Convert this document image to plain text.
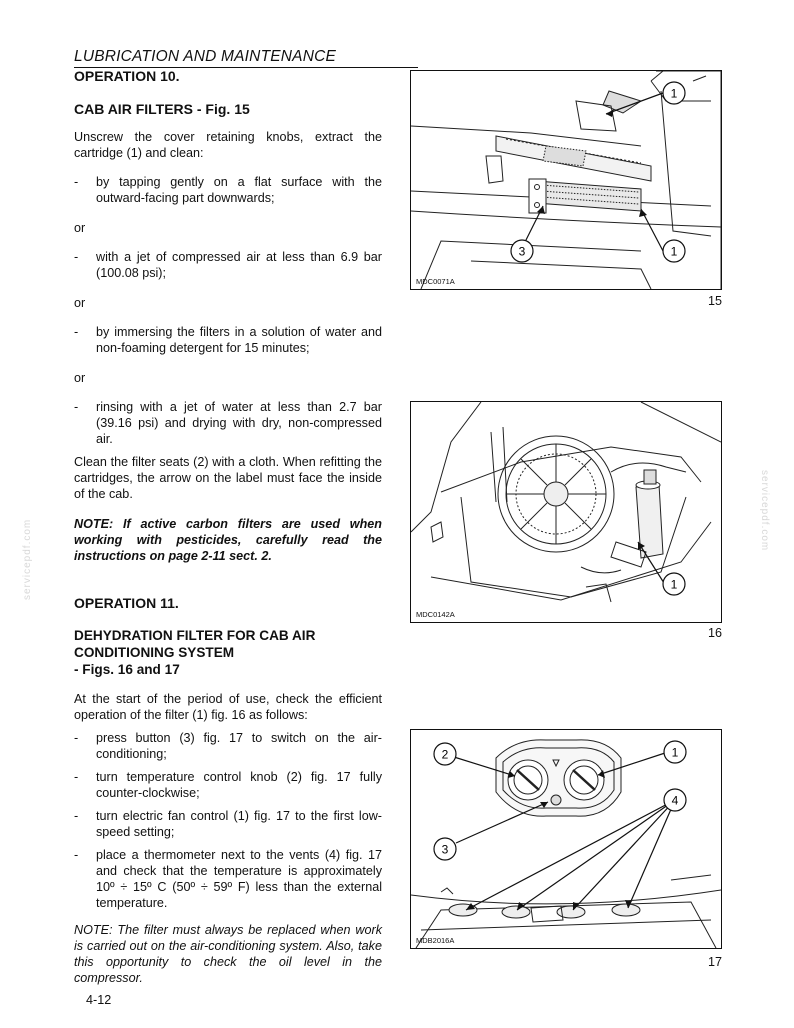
LUBRICATION AND MAINTENANCE

OPERATION 10.

CAB AIR FILTERS - Fig. 15

Unscrew the cover retaining knobs, extract the cartridge (1) and clean:

-	by tapping gently on a flat surface with the outward-facing part downwards;

or

-	with a jet of compressed air at less than 6.9 bar (100.08 psi);

or

-	by immersing the filters in a solution of water and non-foaming detergent for 15 minutes;

or

-	rinsing with a jet of water at less than 2.7 bar (39.16 psi) and drying with dry, non-compressed air.

Clean the filter seats (2) with a cloth. When refitting the cartridges, the arrow on the label must face the inside of the cab.

NOTE: If active carbon filters are used when working with pesticides, carefully read the instructions on page 2-11 sect. 2.

OPERATION 11.

DEHYDRATION FILTER FOR CAB AIR

CONDITIONING SYSTEM

- Figs. 16 and 17

At the start of the period of use, check the efficient operation of the filter (1) fig. 16 as follows:

-	press button (3) fig. 17 to switch on the air-conditioning;
-	turn temperature control knob (2) fig. 17 fully counter-clockwise;
-	turn electric fan control (1) fig. 17 to the first low-speed setting;
-	place a thermometer next to the vents (4) fig. 17 and check that the temperature is approximately 10º ÷ 15º C (50º ÷ 59º F) less than the external temperature.

NOTE: The filter must always be replaced when work is carried out on the air-conditioning system. Also, take this opportunity to check the oil level in the compressor.

1
1
3
MDC0071A
15
1
MDC0142A
16
2	1
4
3
MDB2016A
17
4-12
servicepdf.com
servicepdf.com
